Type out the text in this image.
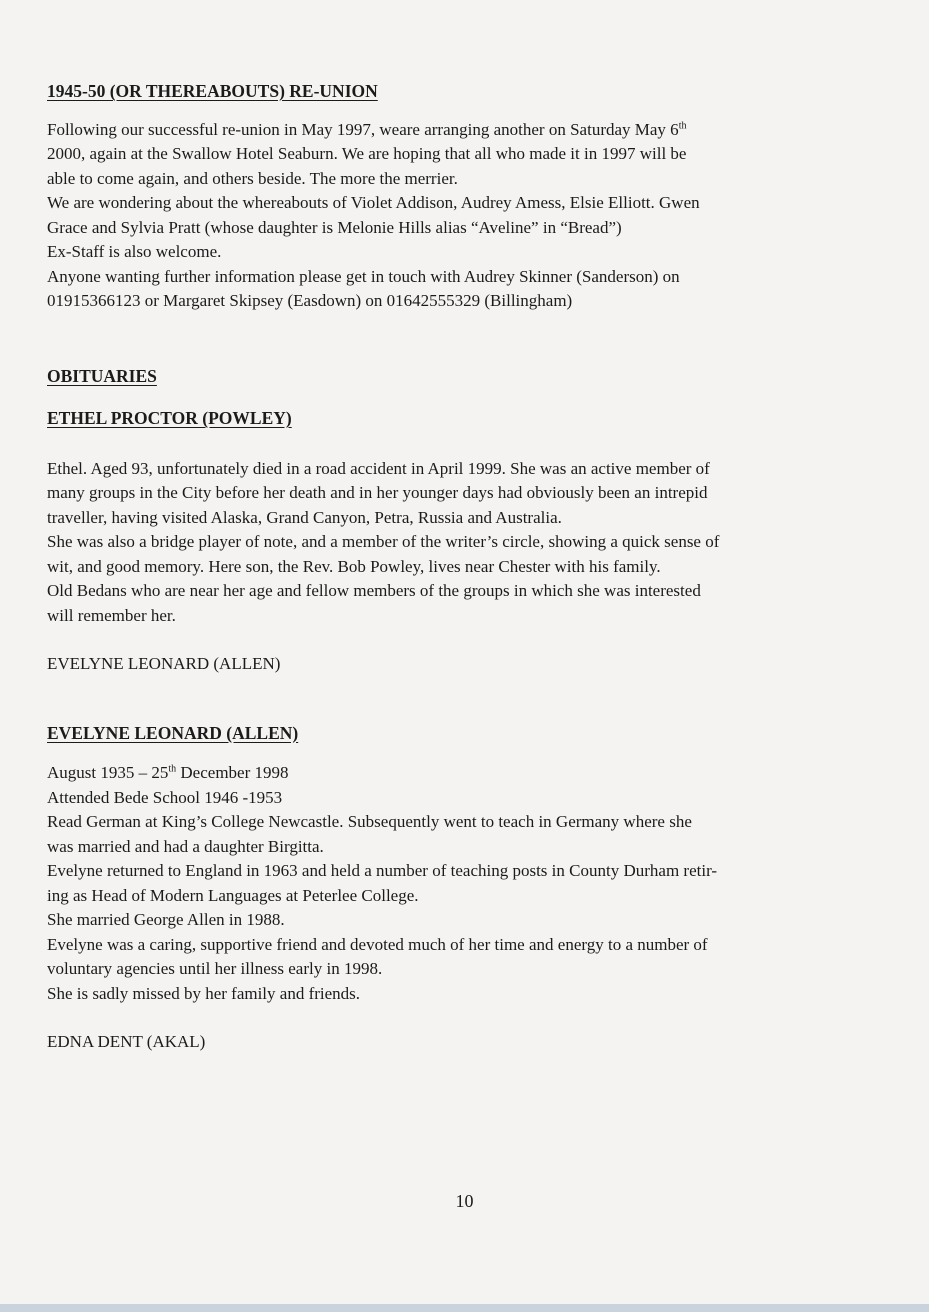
1945-50 (OR THEREABOUTS) RE-UNION

Following our successful re-union in May 1997, weare arranging another on Saturday May 6th

2000, again at the Swallow Hotel Seaburn. We are hoping that all who made it in 1997 will be

able to come again, and others beside. The more the merrier.

We are wondering about the whereabouts of Violet Addison, Audrey Amess, Elsie Elliott. Gwen

Grace and Sylvia Pratt (whose daughter is Melonie Hills alias “Aveline” in “Bread”)

Ex-Staff is also welcome.

Anyone wanting further information please get in touch with Audrey Skinner (Sanderson) on

01915366123 or Margaret Skipsey (Easdown) on 01642555329 (Billingham)

OBITUARIES
ETHEL PROCTOR (POWLEY)

Ethel. Aged 93, unfortunately died in a road accident in April 1999. She was an active member of

many groups in the City before her death and in her younger days had obviously been an intrepid

traveller, having visited Alaska, Grand Canyon, Petra, Russia and Australia.

She was also a bridge player of note, and a member of the writer’s circle, showing a quick sense of

wit, and good memory. Here son, the Rev. Bob Powley, lives near Chester with his family.

Old Bedans who are near her age and fellow members of the groups in which she was interested

will remember her.

EVELYNE LEONARD (ALLEN)

EVELYNE LEONARD (ALLEN)

August 1935 – 25th December 1998

Attended Bede School 1946 -1953

Read German at King’s College Newcastle. Subsequently went to teach in Germany where she

was married and had a daughter Birgitta.

Evelyne returned to England in 1963 and held a number of teaching posts in County Durham retir-

ing as Head of Modern Languages at Peterlee College.

She married George Allen in 1988.

Evelyne was a caring, supportive friend and devoted much of her time and energy to a number of

voluntary agencies until her illness early in 1998.

She is sadly missed by her family and friends.

EDNA DENT (AKAL)

10
